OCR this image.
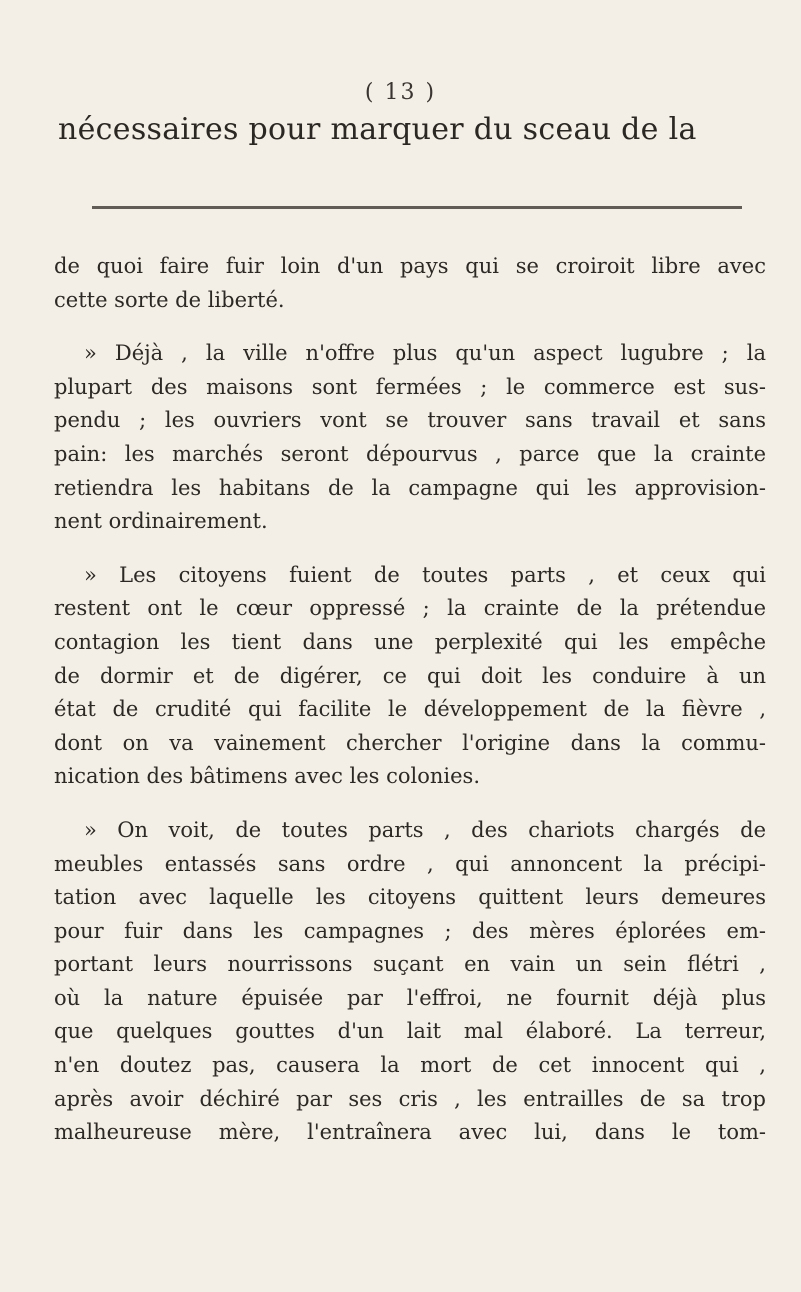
( 13 )
nécessaires pour marquer du sceau de la

de quoi faire fuir loin d'un pays qui se croiroit libre avec
cette sorte de liberté.

» Déjà , la ville n'offre plus qu'un aspect lugubre ; la
plupart des maisons sont fermées ; le commerce est sus-
pendu ; les ouvriers vont se trouver sans travail et sans
pain: les marchés seront dépourvus , parce que la crainte
retiendra les habitans de la campagne qui les approvision-
nent ordinairement.

» Les citoyens fuient de toutes parts , et ceux qui
restent ont le cœur oppressé ; la crainte de la prétendue
contagion les tient dans une perplexité qui les empêche
de dormir et de digérer, ce qui doit les conduire à un
état de crudité qui facilite le développement de la fièvre ,
dont on va vainement chercher l'origine dans la commu-
nication des bâtimens avec les colonies.

» On voit, de toutes parts , des chariots chargés de
meubles entassés sans ordre , qui annoncent la précipi-
tation avec laquelle les citoyens quittent leurs demeures
pour fuir dans les campagnes ; des mères éplorées em-
portant leurs nourrissons suçant en vain un sein flétri ,
où la nature épuisée par l'effroi, ne fournit déjà plus
que quelques gouttes d'un lait mal élaboré. La terreur,
n'en doutez pas, causera la mort de cet innocent qui ,
après avoir déchiré par ses cris , les entrailles de sa trop
malheureuse mère, l'entraînera avec lui, dans le tom-
